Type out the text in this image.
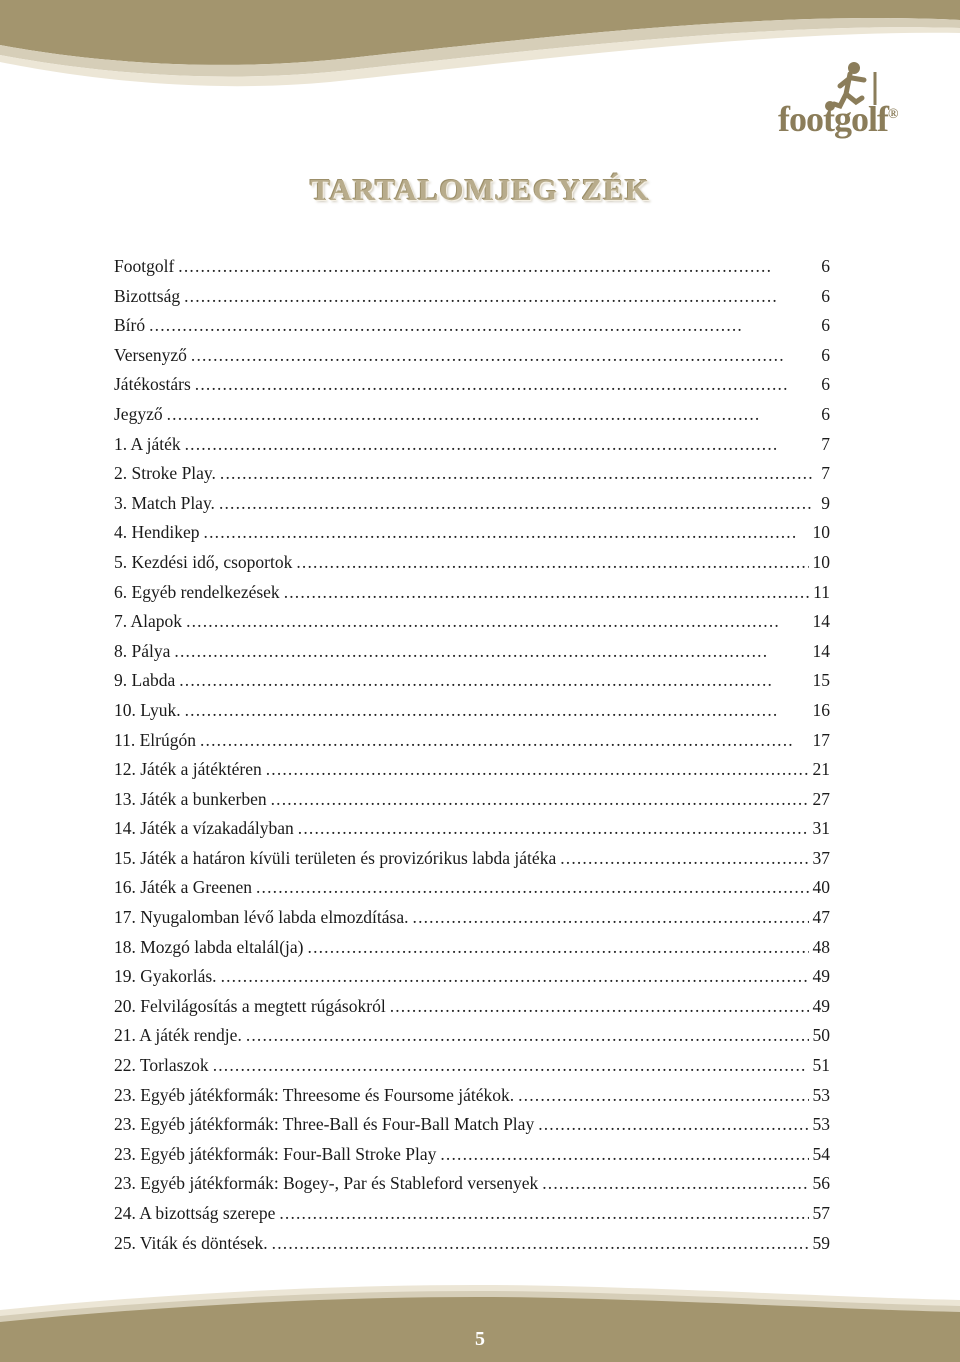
footgolf®
TARTALOMJEGYZÉK
Footgolf . . .	6
Bizottság . . .	6
Bíró . . .	6
Versenyző . . .	6
Játékostárs . . .	6
Jegyző . . .	6
1. A játék . . .	7
2. Stroke Play. . . .	7
3. Match Play. . . .	9
4. Hendikep . . .	10
5. Kezdési idő, csoportok . . .	10
6. Egyéb rendelkezések . . .	11
7. Alapok . . .	14
8. Pálya . . .	14
9. Labda . . .	15
10. Lyuk. . . .	16
11. Elrúgón . . .	17
12. Játék a játéktéren . . .	21
13. Játék a bunkerben . . .	27
14. Játék a vízakadályban . . .	31
15. Játék a határon kívüli területen és provizórikus labda játéka . . .	37
16. Játék a Greenen . . .	40
17. Nyugalomban lévő labda elmozdítása. . . .	47
18. Mozgó labda eltalál(ja) . . .	48
19. Gyakorlás. . . .	49
20. Felvilágosítás a megtett rúgásokról . . .	49
21. A játék rendje. . . .	50
22. Torlaszok . . .	51
23. Egyéb játékformák: Threesome és Foursome játékok. . . .	53
23. Egyéb játékformák: Three-Ball és Four-Ball Match Play . . .	53
23. Egyéb játékformák: Four-Ball Stroke Play . . .	54
23. Egyéb játékformák: Bogey-, Par és Stableford versenyek . . .	56
24. A bizottság szerepe . . .	57
25. Viták és döntések. . . .	59
5
